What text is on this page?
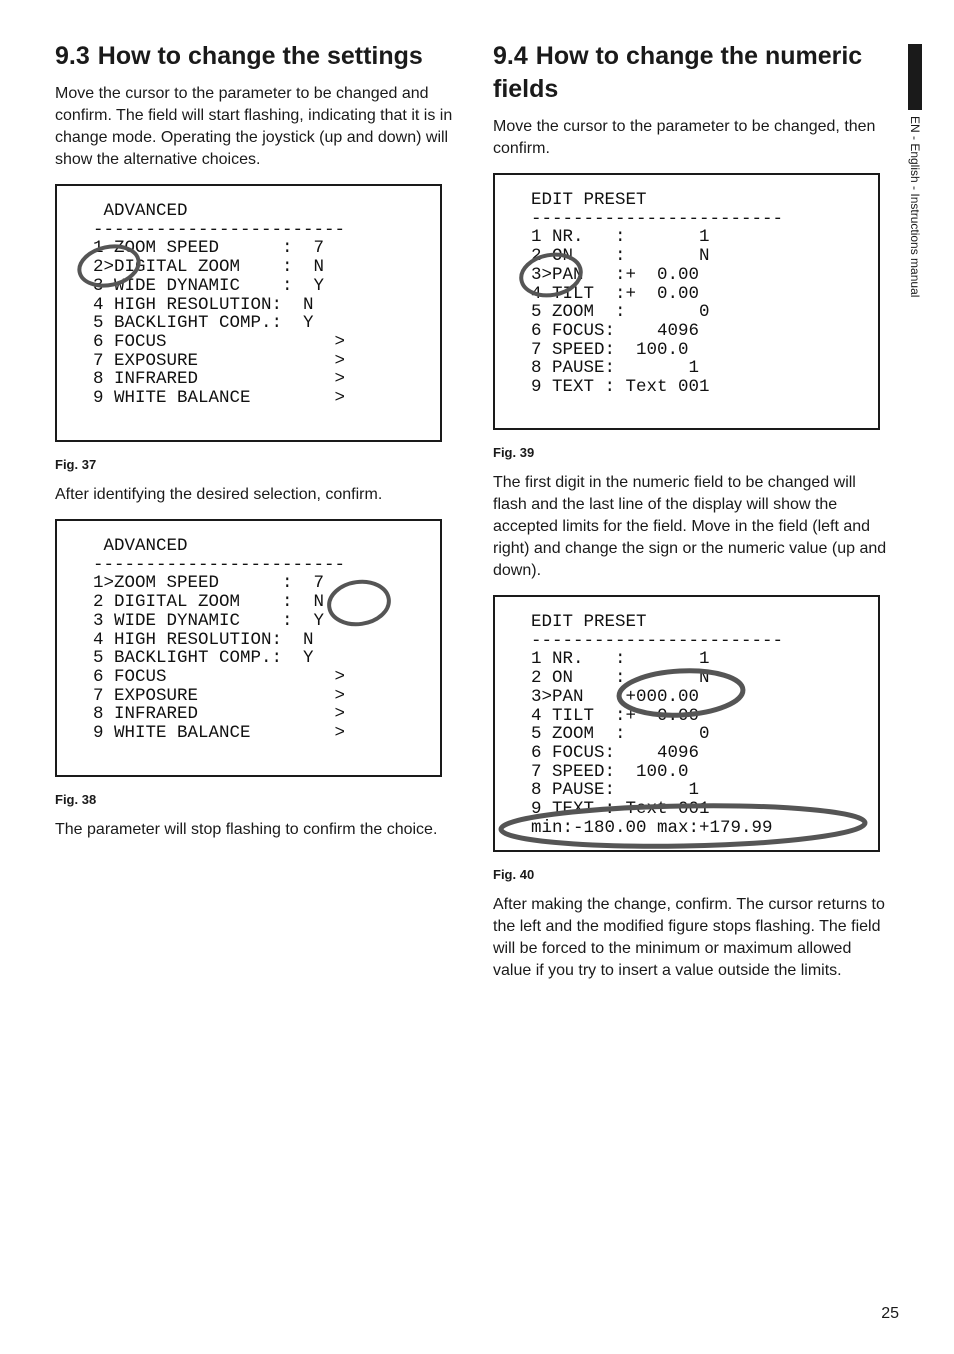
EN - English - Instructions manual
9.3 How to change the settings

Move the cursor to the parameter to be changed and confirm. The field will start flashing, indicating that it is in change mode. Operating the joystick (up and down) will show the alternative choices.

ADVANCED
------------------------
1 ZOOM SPEED      :  7
2>DIGITAL ZOOM    :  N
3 WIDE DYNAMIC    :  Y
4 HIGH RESOLUTION:  N
5 BACKLIGHT COMP.:  Y
6 FOCUS                >
7 EXPOSURE             >
8 INFRARED             >
9 WHITE BALANCE        >

Fig. 37

After identifying the desired selection, confirm.

ADVANCED
------------------------
1>ZOOM SPEED      :  7
2 DIGITAL ZOOM    :  N
3 WIDE DYNAMIC    :  Y
4 HIGH RESOLUTION:  N
5 BACKLIGHT COMP.:  Y
6 FOCUS                >
7 EXPOSURE             >
8 INFRARED             >
9 WHITE BALANCE        >

Fig. 38

The parameter will stop flashing to confirm the choice.

9.4 How to change the numeric fields

Move the cursor to the parameter to be changed, then confirm.

EDIT PRESET
------------------------
1 NR.   :       1
2 ON    :       N
3>PAN   :+  0.00
4 TILT  :+  0.00
5 ZOOM  :       0
6 FOCUS:    4096
7 SPEED:  100.0
8 PAUSE:       1
9 TEXT : Text 001

Fig. 39

The first digit in the numeric field to be changed will flash and the last line of the display will show the accepted limits for the field. Move in the field (left and right) and change the sign or the numeric value (up and down).

EDIT PRESET
------------------------
1 NR.   :       1
2 ON    :       N
3>PAN   :+000.00
4 TILT  :+  0.00
5 ZOOM  :       0
6 FOCUS:    4096
7 SPEED:  100.0
8 PAUSE:       1
9 TEXT : Text 001
min:-180.00 max:+179.99

Fig. 40

After making the change, confirm. The cursor returns to the left and the modified figure stops flashing. The field will be forced to the minimum or maximum allowed value if you try to insert a value outside the limits.

25
